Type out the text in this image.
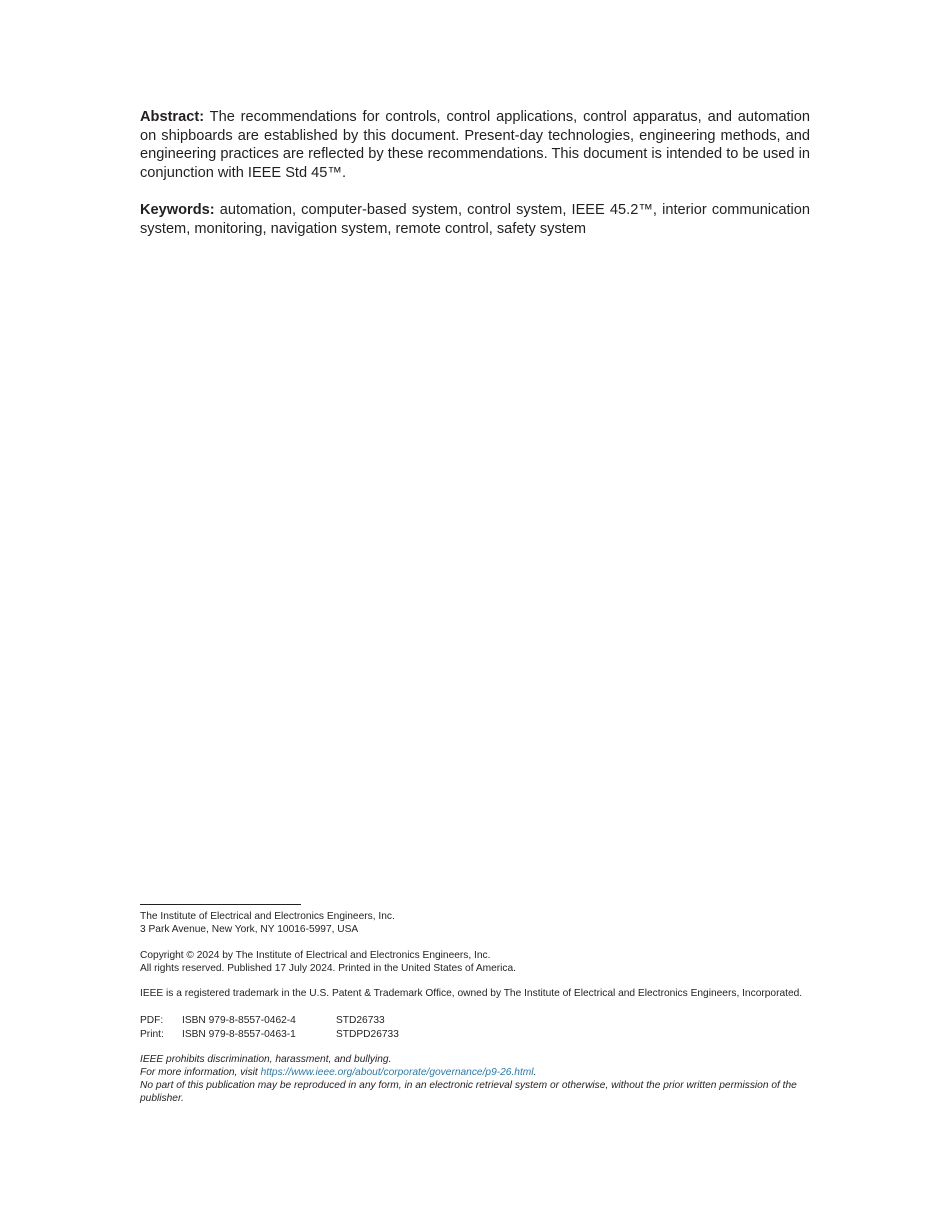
Abstract: The recommendations for controls, control applications, control apparatus, and automation on shipboards are established by this document. Present-day technologies, engineering methods, and engineering practices are reflected by these recommendations. This document is intended to be used in conjunction with IEEE Std 45™.

Keywords: automation, computer-based system, control system, IEEE 45.2™, interior communication system, monitoring, navigation system, remote control, safety system

The Institute of Electrical and Electronics Engineers, Inc.
3 Park Avenue, New York, NY 10016-5997, USA

Copyright © 2024 by The Institute of Electrical and Electronics Engineers, Inc.
All rights reserved. Published 17 July 2024. Printed in the United States of America.

IEEE is a registered trademark in the U.S. Patent & Trademark Office, owned by The Institute of Electrical and Electronics Engineers, Incorporated.

PDF:	ISBN 979-8-8557-0462-4	STD26733
Print:	ISBN 979-8-8557-0463-1	STDPD26733

IEEE prohibits discrimination, harassment, and bullying.
For more information, visit https://www.ieee.org/about/corporate/governance/p9-26.html.
No part of this publication may be reproduced in any form, in an electronic retrieval system or otherwise, without the prior written permission of the publisher.
